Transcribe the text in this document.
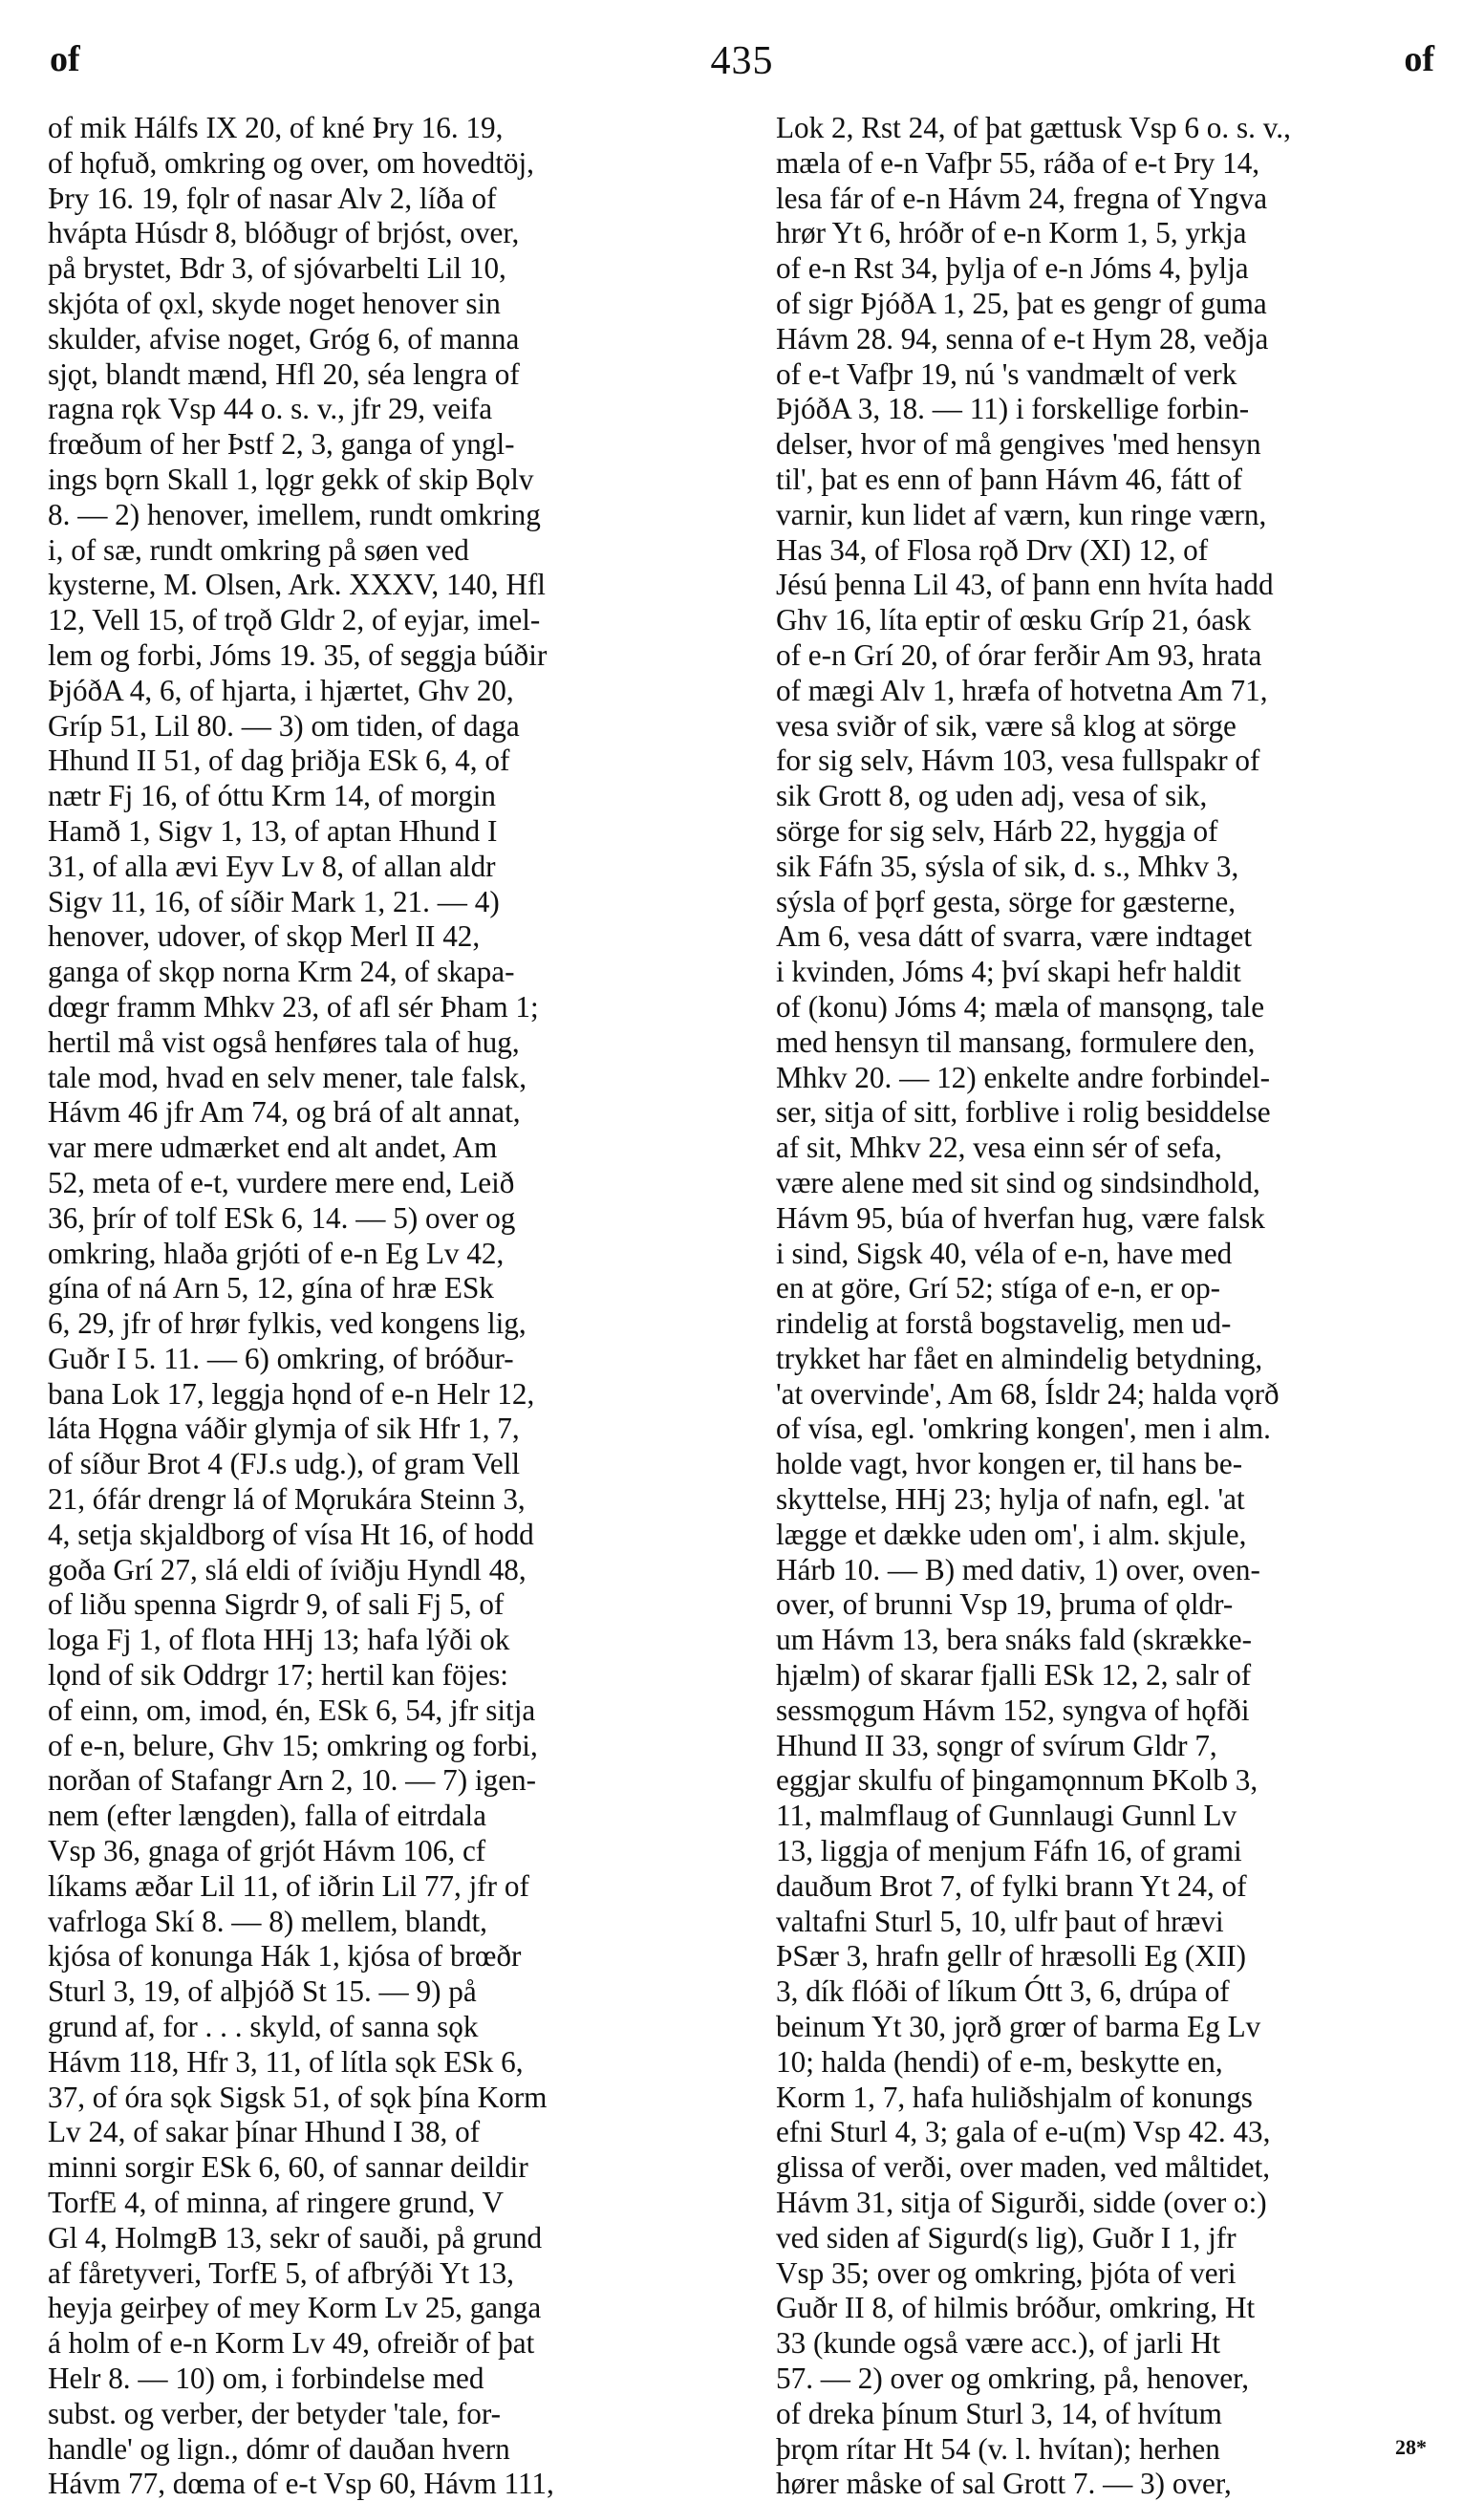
of	435	of
of mik Hálfs IX 20, of kné Þry 16. 19,
of hǫfuð, omkring og over, om hovedtöj,
Þry 16. 19, fǫlr of nasar Alv 2, líða of
hvápta Húsdr 8, blóðugr of brjóst, over,
på brystet, Bdr 3, of sjóvarbelti Lil 10,
skjóta of ǫxl, skyde noget henover sin
skulder, afvise noget, Gróg 6, of manna
sjǫt, blandt mænd, Hfl 20, séa lengra of
ragna rǫk Vsp 44 o. s. v., jfr 29, veifa
frœðum of her Þstf 2, 3, ganga of yngl-
ings bǫrn Skall 1, lǫgr gekk of skip Bǫlv
8. — 2) henover, imellem, rundt omkring
i, of sæ, rundt omkring på søen ved
kysterne, M. Olsen, Ark. XXXV, 140, Hfl
12, Vell 15, of trǫð Gldr 2, of eyjar, imel-
lem og forbi, Jóms 19. 35, of seggja búðir
ÞjóðA 4, 6, of hjarta, i hjærtet, Ghv 20,
Gríp 51, Lil 80. — 3) om tiden, of daga
Hhund II 51, of dag þriðja ESk 6, 4, of
nætr Fj 16, of óttu Krm 14, of morgin
Hamð 1, Sigv 1, 13, of aptan Hhund I
31, of alla ævi Eyv Lv 8, of allan aldr
Sigv 11, 16, of síðir Mark 1, 21. — 4)
henover, udover, of skǫp Merl II 42,
ganga of skǫp norna Krm 24, of skapa-
dœgr framm Mhkv 23, of afl sér Þham 1;
hertil må vist også henføres tala of hug,
tale mod, hvad en selv mener, tale falsk,
Hávm 46 jfr Am 74, og brá of alt annat,
var mere udmærket end alt andet, Am
52, meta of e-t, vurdere mere end, Leið
36, þrír of tolf ESk 6, 14. — 5) over og
omkring, hlaða grjóti of e-n Eg Lv 42,
gína of ná Arn 5, 12, gína of hræ ESk
6, 29, jfr of hrør fylkis, ved kongens lig,
Guðr I 5. 11. — 6) omkring, of bróður-
bana Lok 17, leggja hǫnd of e-n Helr 12,
láta Hǫgna váðir glymja of sik Hfr 1, 7,
of síður Brot 4 (FJ.s udg.), of gram Vell
21, ófár drengr lá of Mǫrukára Steinn 3,
4, setja skjaldborg of vísa Ht 16, of hodd
goða Grí 27, slá eldi of íviðju Hyndl 48,
of liðu spenna Sigrdr 9, of sali Fj 5, of
loga Fj 1, of flota HHj 13; hafa lýði ok
lǫnd of sik Oddrgr 17; hertil kan föjes:
of einn, om, imod, én, ESk 6, 54, jfr sitja
of e-n, belure, Ghv 15; omkring og forbi,
norðan of Stafangr Arn 2, 10. — 7) igen-
nem (efter længden), falla of eitrdala
Vsp 36, gnaga of grjót Hávm 106, cf
líkams æðar Lil 11, of iðrin Lil 77, jfr of
vafrloga Skí 8. — 8) mellem, blandt,
kjósa of konunga Hák 1, kjósa of brœðr
Sturl 3, 19, of alþjóð St 15. — 9) på
grund af, for . . . skyld, of sanna sǫk
Hávm 118, Hfr 3, 11, of lítla sǫk ESk 6,
37, of óra sǫk Sigsk 51, of sǫk þína Korm
Lv 24, of sakar þínar Hhund I 38, of
minni sorgir ESk 6, 60, of sannar deildir
TorfE 4, of minna, af ringere grund, V
Gl 4, HolmgB 13, sekr of sauði, på grund
af fåretyveri, TorfE 5, of afbrýði Yt 13,
heyja geirþey of mey Korm Lv 25, ganga
á holm of e-n Korm Lv 49, ofreiðr of þat
Helr 8. — 10) om, i forbindelse med
subst. og verber, der betyder 'tale, for-
handle' og lign., dómr of dauðan hvern
Hávm 77, dœma of e-t Vsp 60, Hávm 111,
Lok 2, Rst 24, of þat gættusk Vsp 6 o. s. v.,
mæla of e-n Vafþr 55, ráða of e-t Þry 14,
lesa fár of e-n Hávm 24, fregna of Yngva
hrør Yt 6, hróðr of e-n Korm 1, 5, yrkja
of e-n Rst 34, þylja of e-n Jóms 4, þylja
of sigr ÞjóðA 1, 25, þat es gengr of guma
Hávm 28. 94, senna of e-t Hym 28, veðja
of e-t Vafþr 19, nú 's vandmælt of verk
ÞjóðA 3, 18. — 11) i forskellige forbin-
delser, hvor of må gengives 'med hensyn
til', þat es enn of þann Hávm 46, fátt of
varnir, kun lidet af værn, kun ringe værn,
Has 34, of Flosa rǫð Drv (XI) 12, of
Jésú þenna Lil 43, of þann enn hvíta hadd
Ghv 16, líta eptir of œsku Gríp 21, óask
of e-n Grí 20, of órar ferðir Am 93, hrata
of mægi Alv 1, hræfa of hotvetna Am 71,
vesa sviðr of sik, være så klog at sörge
for sig selv, Hávm 103, vesa fullspakr of
sik Grott 8, og uden adj, vesa of sik,
sörge for sig selv, Hárb 22, hyggja of
sik Fáfn 35, sýsla of sik, d. s., Mhkv 3,
sýsla of þǫrf gesta, sörge for gæsterne,
Am 6, vesa dátt of svarra, være indtaget
i kvinden, Jóms 4; því skapi hefr haldit
of (konu) Jóms 4; mæla of mansǫng, tale
med hensyn til mansang, formulere den,
Mhkv 20. — 12) enkelte andre forbindel-
ser, sitja of sitt, forblive i rolig besiddelse
af sit, Mhkv 22, vesa einn sér of sefa,
være alene med sit sind og sindsindhold,
Hávm 95, búa of hverfan hug, være falsk
i sind, Sigsk 40, véla of e-n, have med
en at göre, Grí 52; stíga of e-n, er op-
rindelig at forstå bogstavelig, men ud-
trykket har fået en almindelig betydning,
'at overvinde', Am 68, Ísldr 24; halda vǫrð
of vísa, egl. 'omkring kongen', men i alm.
holde vagt, hvor kongen er, til hans be-
skyttelse, HHj 23; hylja of nafn, egl. 'at
lægge et dække uden om', i alm. skjule,
Hárb 10. — B) med dativ, 1) over, oven-
over, of brunni Vsp 19, þruma of ǫldr-
um Hávm 13, bera snáks fald (skrække-
hjælm) of skarar fjalli ESk 12, 2, salr of
sessmǫgum Hávm 152, syngva of hǫfði
Hhund II 33, sǫngr of svírum Gldr 7,
eggjar skulfu of þingamǫnnum ÞKolb 3,
11, malmflaug of Gunnlaugi Gunnl Lv
13, liggja of menjum Fáfn 16, of grami
dauðum Brot 7, of fylki brann Yt 24, of
valtafni Sturl 5, 10, ulfr þaut of hrævi
ÞSær 3, hrafn gellr of hræsolli Eg (XII)
3, dík flóði of líkum Ótt 3, 6, drúpa of
beinum Yt 30, jǫrð grœr of barma Eg Lv
10; halda (hendi) of e-m, beskytte en,
Korm 1, 7, hafa huliðshjalm of konungs
efni Sturl 4, 3; gala of e-u(m) Vsp 42. 43,
glissa of verði, over maden, ved måltidet,
Hávm 31, sitja of Sigurði, sidde (over o:)
ved siden af Sigurd(s lig), Guðr I 1, jfr
Vsp 35; over og omkring, þjóta of veri
Guðr II 8, of hilmis bróður, omkring, Ht
33 (kunde også være acc.), of jarli Ht
57. — 2) over og omkring, på, henover,
of dreka þínum Sturl 3, 14, of hvítum
þrǫm rítar Ht 54 (v. l. hvítan); herhen
hører måske of sal Grott 7. — 3) over,
28*
